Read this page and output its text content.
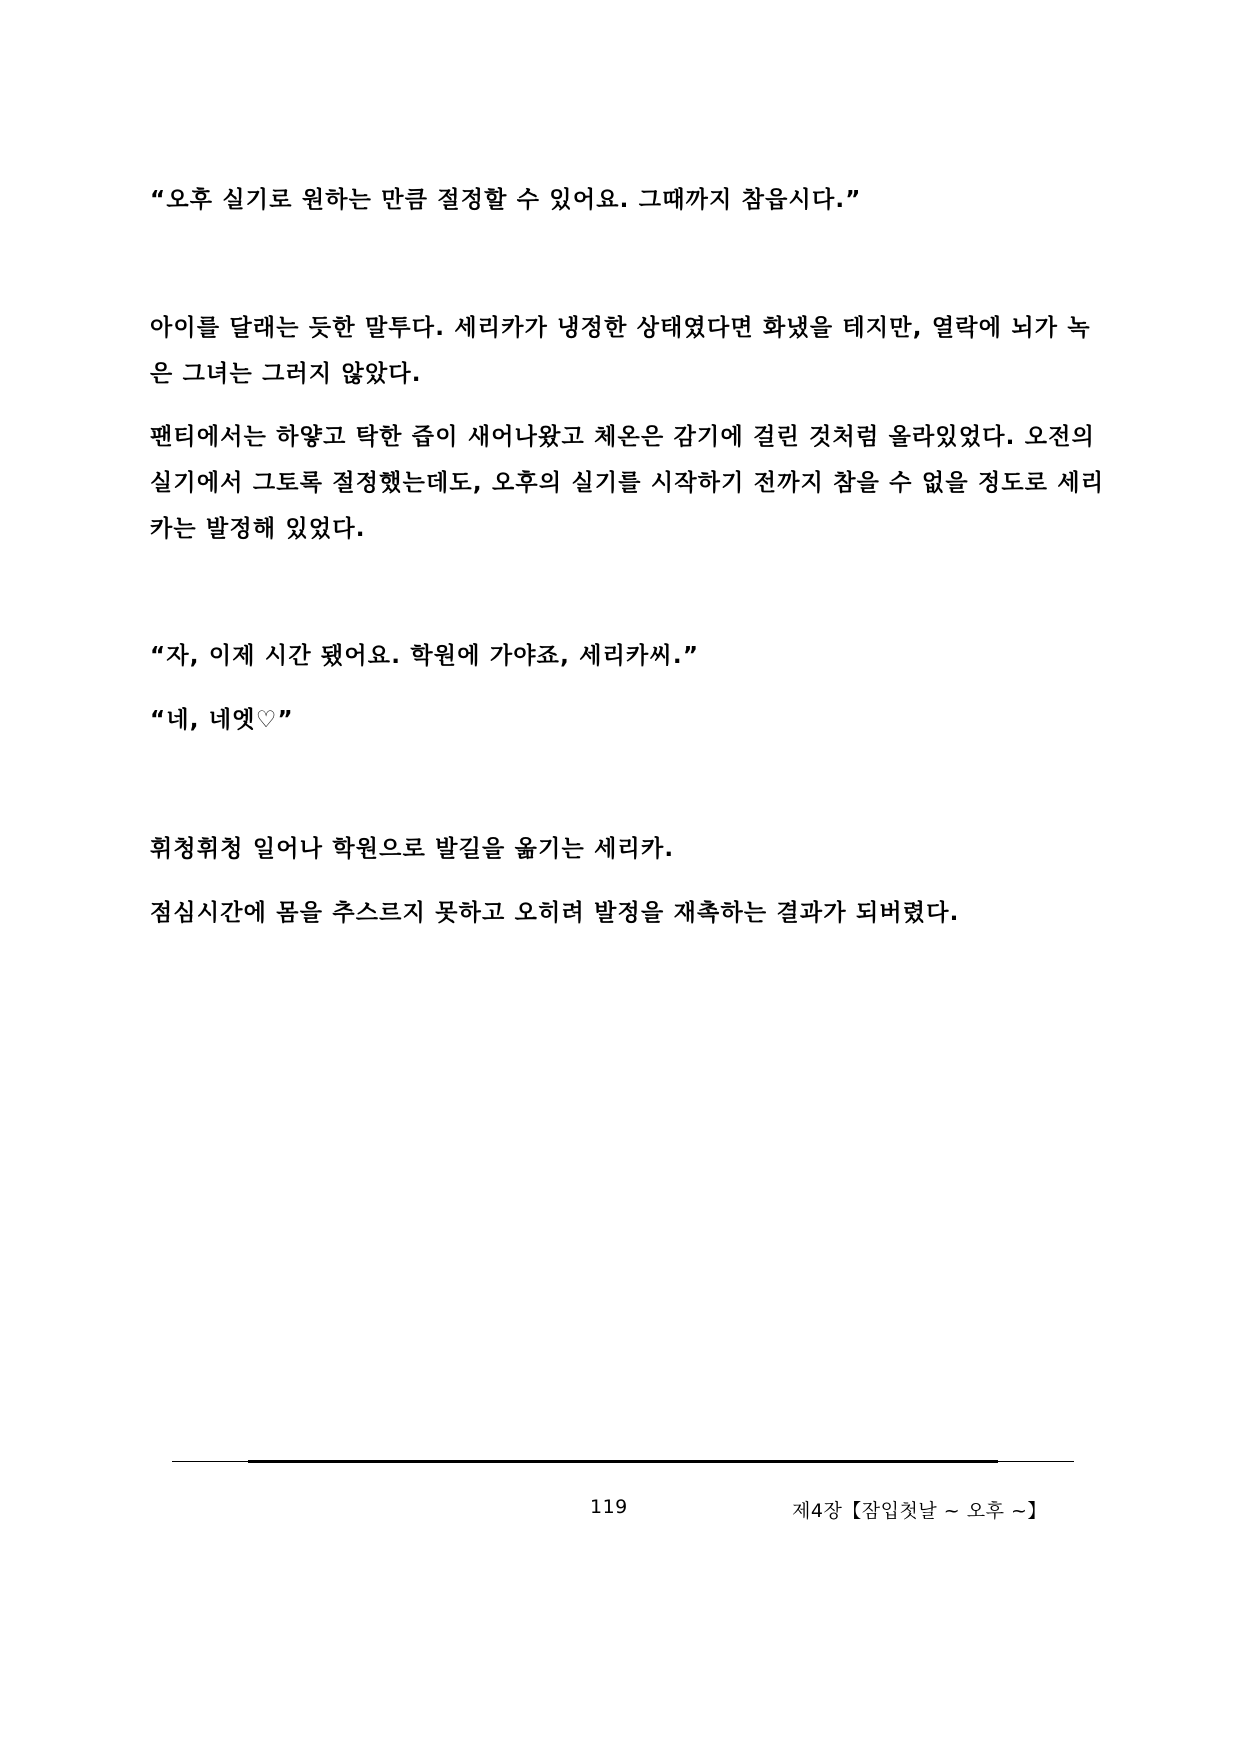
“오후 실기로 원하는 만큼 절정할 수 있어요. 그때까지 참읍시다.”

아이를 달래는 듯한 말투다. 세리카가 냉정한 상태였다면 화냈을 테지만, 열락에 뇌가 녹은 그녀는 그러지 않았다.

팬티에서는 하얗고 탁한 즙이 새어나왔고 체온은 감기에 걸린 것처럼 올라있었다. 오전의 실기에서 그토록 절정했는데도, 오후의 실기를 시작하기 전까지 참을 수 없을 정도로 세리카는 발정해 있었다.

“자, 이제 시간 됐어요. 학원에 가야죠, 세리카씨.”

“네, 네엣♡”

휘청휘청 일어나 학원으로 발길을 옮기는 세리카.

점심시간에 몸을 추스르지 못하고 오히려 발정을 재촉하는 결과가 되버렸다.

119	제4장【잠입첫날 ~ 오후 ~】
